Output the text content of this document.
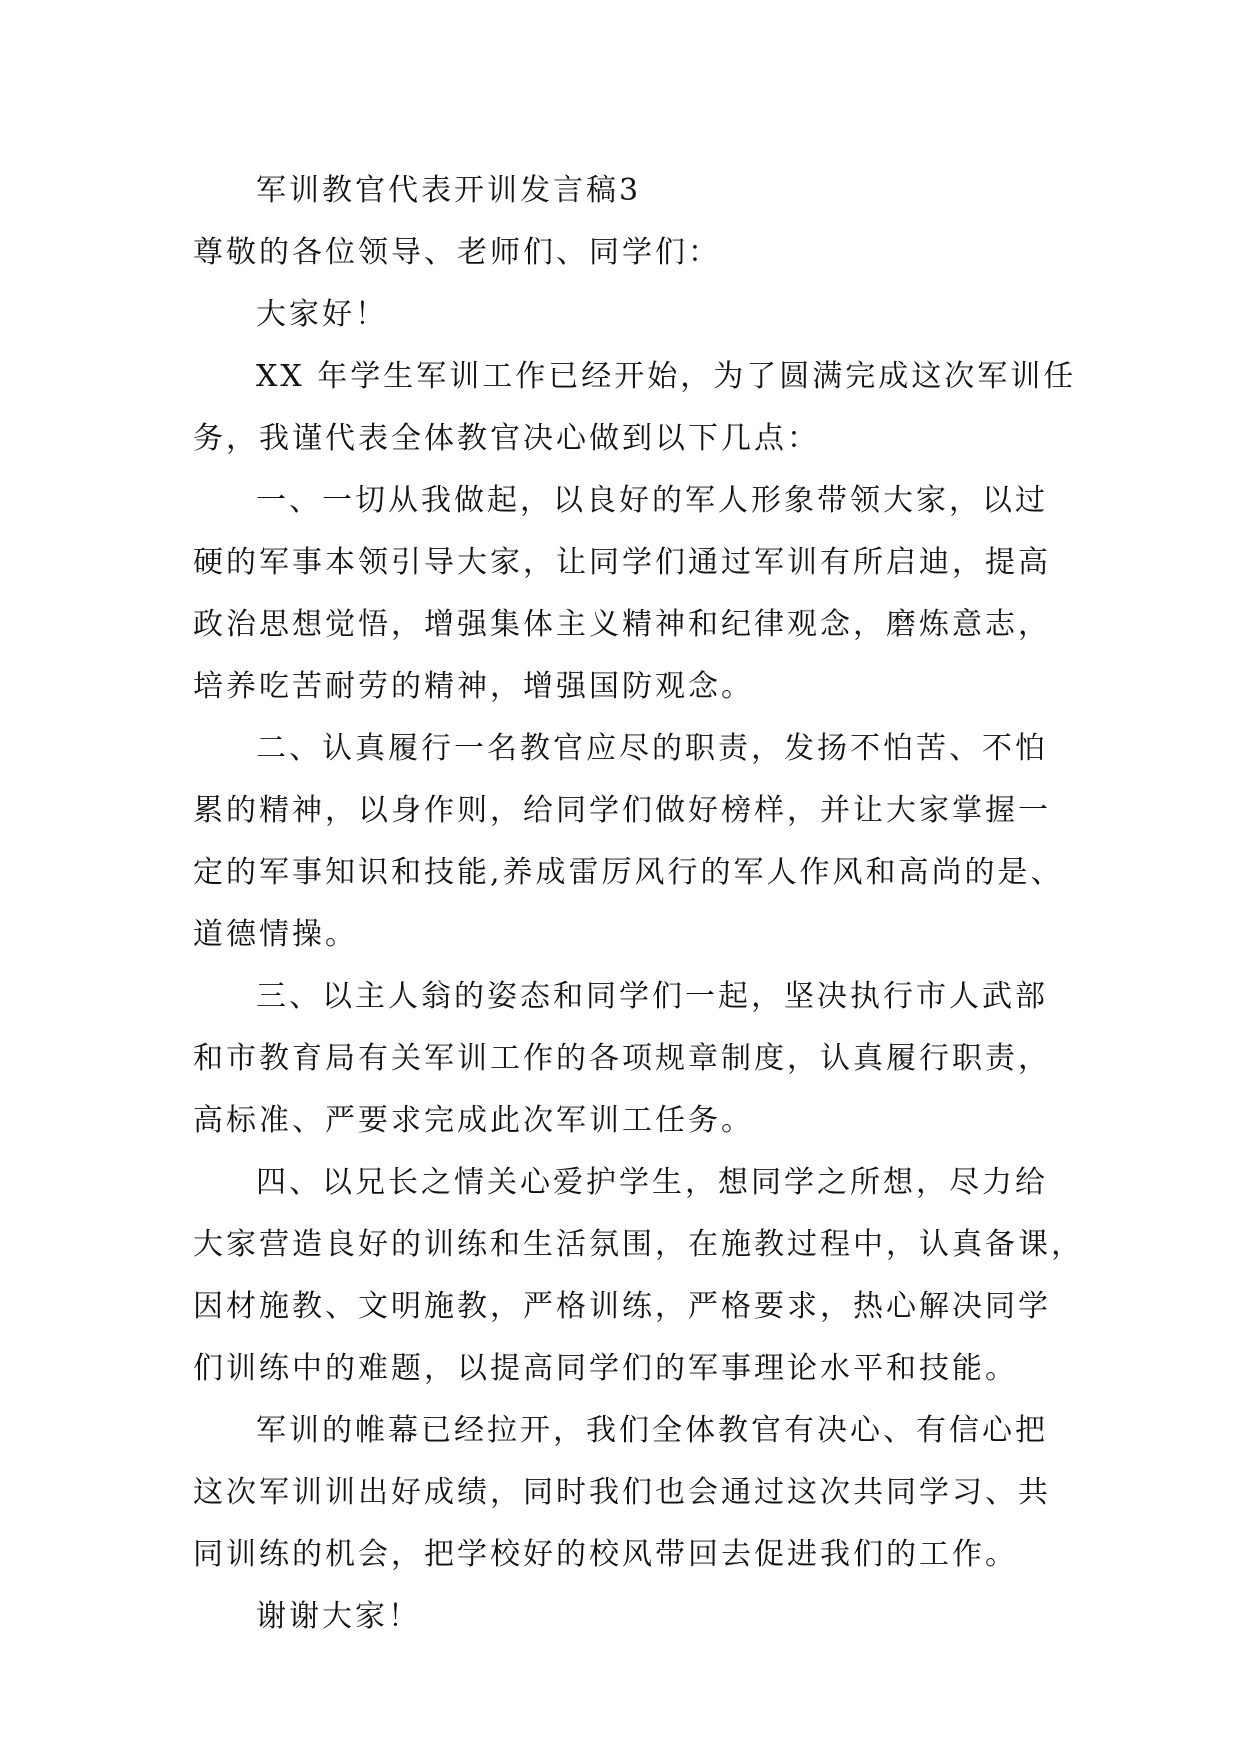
军训教官代表开训发言稿3
尊敬的各位领导、老师们、同学们：
大家好！
XX 年学生军训工作已经开始，为了圆满完成这次军训任
务，我谨代表全体教官决心做到以下几点：
一、一切从我做起，以良好的军人形象带领大家，以过
硬的军事本领引导大家，让同学们通过军训有所启迪，提高
政治思想觉悟，增强集体主义精神和纪律观念，磨炼意志，
培养吃苦耐劳的精神，增强国防观念。
二、认真履行一名教官应尽的职责，发扬不怕苦、不怕
累的精神，以身作则，给同学们做好榜样，并让大家掌握一
定的军事知识和技能,养成雷厉风行的军人作风和高尚的是、
道德情操。
三、以主人翁的姿态和同学们一起，坚决执行市人武部
和市教育局有关军训工作的各项规章制度，认真履行职责，
高标准、严要求完成此次军训工任务。
四、以兄长之情关心爱护学生，想同学之所想，尽力给
大家营造良好的训练和生活氛围，在施教过程中，认真备课，
因材施教、文明施教，严格训练，严格要求，热心解决同学
们训练中的难题，以提高同学们的军事理论水平和技能。
军训的帷幕已经拉开，我们全体教官有决心、有信心把
这次军训训出好成绩，同时我们也会通过这次共同学习、共
同训练的机会，把学校好的校风带回去促进我们的工作。
谢谢大家！
